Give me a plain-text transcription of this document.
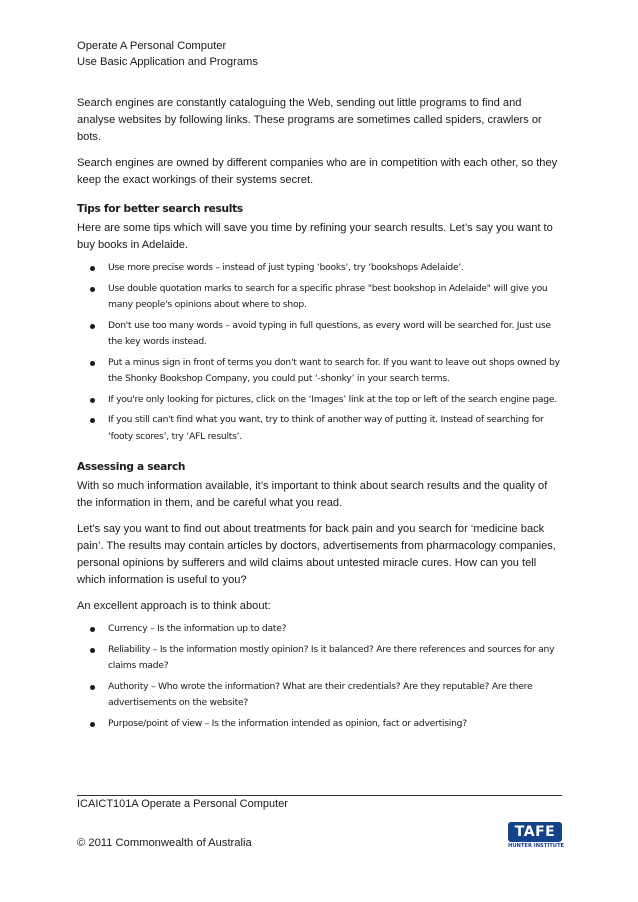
Operate A Personal Computer
Use Basic Application and Programs

Search engines are constantly cataloguing the Web, sending out little programs to find and analyse websites by following links. These programs are sometimes called spiders, crawlers or bots.

Search engines are owned by different companies who are in competition with each other, so they keep the exact workings of their systems secret.

Tips for better search results

Here are some tips which will save you time by refining your search results. Let’s say you want to buy books in Adelaide.

Use more precise words – instead of just typing ‘books’, try ‘bookshops Adelaide’.
Use double quotation marks to search for a specific phrase "best bookshop in Adelaide" will give you many people's opinions about where to shop.
Don't use too many words – avoid typing in full questions, as every word will be searched for. Just use the key words instead.
Put a minus sign in front of terms you don't want to search for. If you want to leave out shops owned by the Shonky Bookshop Company, you could put ‘-shonky’ in your search terms.
If you're only looking for pictures, click on the ‘Images’ link at the top or left of the search engine page.
If you still can't find what you want, try to think of another way of putting it. Instead of searching for ‘footy scores’, try ‘AFL results’.
Assessing a search

With so much information available, it’s important to think about search results and the quality of the information in them, and be careful what you read.

Let’s say you want to find out about treatments for back pain and you search for ‘medicine back pain’. The results may contain articles by doctors, advertisements from pharmacology companies, personal opinions by sufferers and wild claims about untested miracle cures. How can you tell which information is useful to you?

An excellent approach is to think about:

Currency – Is the information up to date?
Reliability – Is the information mostly opinion? Is it balanced? Are there references and sources for any claims made?
Authority – Who wrote the information? What are their credentials? Are they reputable? Are there advertisements on the website?
Purpose/point of view – Is the information intended as opinion, fact or advertising?
ICAICT101A Operate a Personal Computer
© 2011 Commonwealth of Australia
TAFE
HUNTER INSTITUTE
